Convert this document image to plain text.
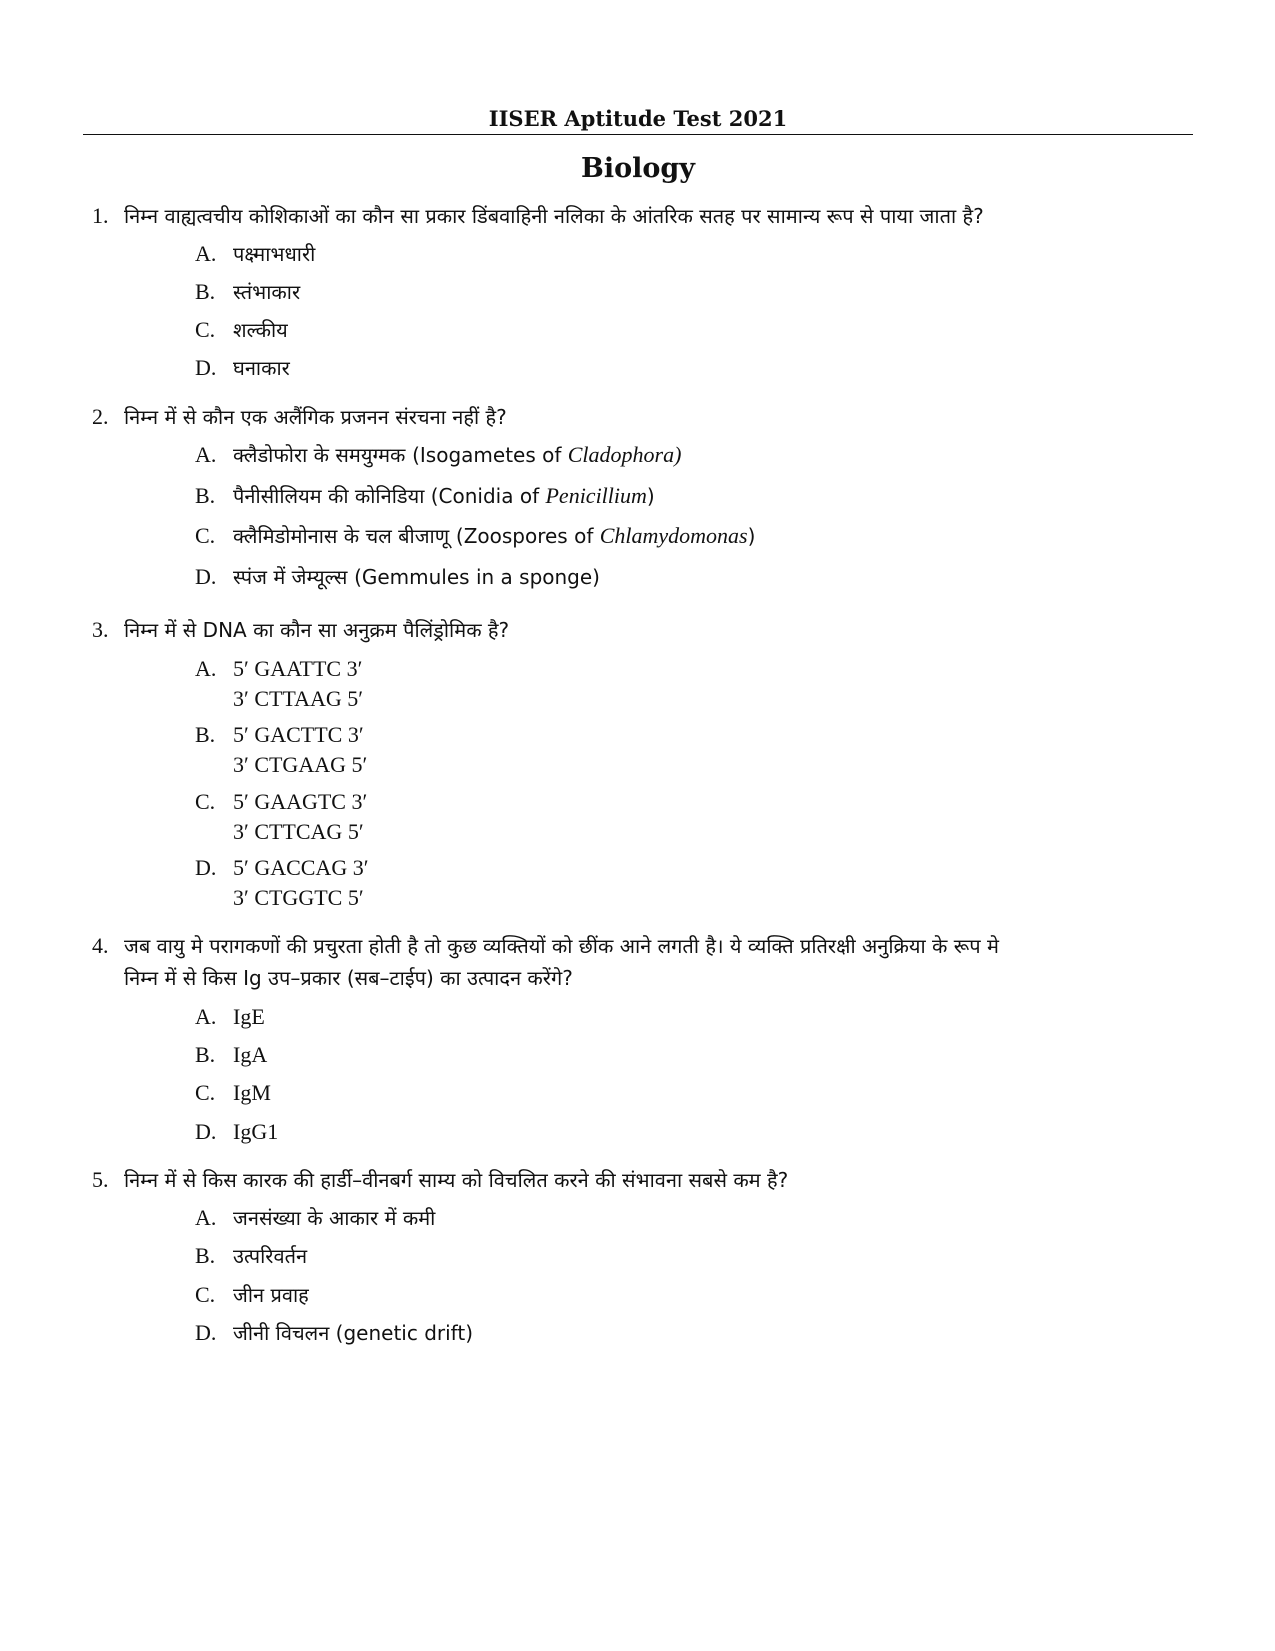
IISER Aptitude Test 2021
Biology
1. निम्न वाह्यत्वचीय कोशिकाओं का कौन सा प्रकार डिंबवाहिनी नलिका के आंतरिक सतह पर सामान्य रूप से पाया जाता है?
A. पक्ष्माभधारी
B. स्तंभाकार
C. शल्कीय
D. घनाकार
2. निम्न में से कौन एक अलैंगिक प्रजनन संरचना नहीं है?
A. क्लैडोफोरा के समयुग्मक (Isogametes of Cladophora)
B. पैनीसीलियम की कोनिडिया (Conidia of Penicillium)
C. क्लैमिडोमोनास के चल बीजाणू (Zoospores of Chlamydomonas)
D. स्पंज में जेम्यूल्स (Gemmules in a sponge)
3. निम्न में से DNA का कौन सा अनुक्रम पैलिंड्रोमिक है?
A. 5′ GAATTC 3′
3′ CTTAAG 5′
B. 5′ GACTTC 3′
3′ CTGAAG 5′
C. 5′ GAAGTC 3′
3′ CTTCAG 5′
D. 5′ GACCAG 3′
3′ CTGGTC 5′
4. जब वायु मे परागकणों की प्रचुरता होती है तो कुछ व्यक्तियों को छींक आने लगती है। ये व्यक्ति प्रतिरक्षी अनुक्रिया के रूप मे
निम्न में से किस Ig उप–प्रकार (सब–टाईप) का उत्पादन करेंगे?
A. IgE
B. IgA
C. IgM
D. IgG1
5. निम्न में से किस कारक की हार्डी–वीनबर्ग साम्य को विचलित करने की संभावना सबसे कम है?
A. जनसंख्या के आकार में कमी
B. उत्परिवर्तन
C. जीन प्रवाह
D. जीनी विचलन (genetic drift)
